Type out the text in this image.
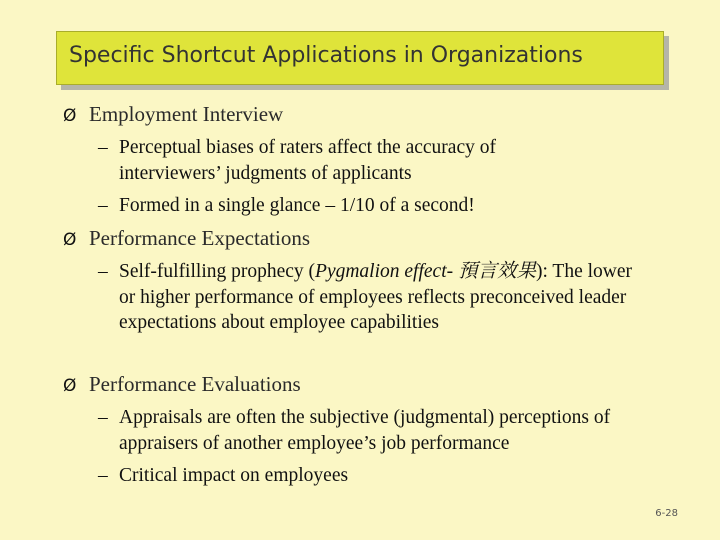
Specific Shortcut Applications in Organizations
Ø Employment Interview
– Perceptual biases of raters affect the accuracy of interviewers’ judgments of applicants
– Formed in a single glance – 1/10 of a second!
Ø Performance Expectations
– Self-fulfilling prophecy (Pygmalion effect- 預言效果): The lower or higher performance of employees reflects preconceived leader expectations about employee capabilities
Ø Performance Evaluations
– Appraisals are often the subjective (judgmental) perceptions of appraisers of another employee’s job performance
– Critical impact on employees
6-28
